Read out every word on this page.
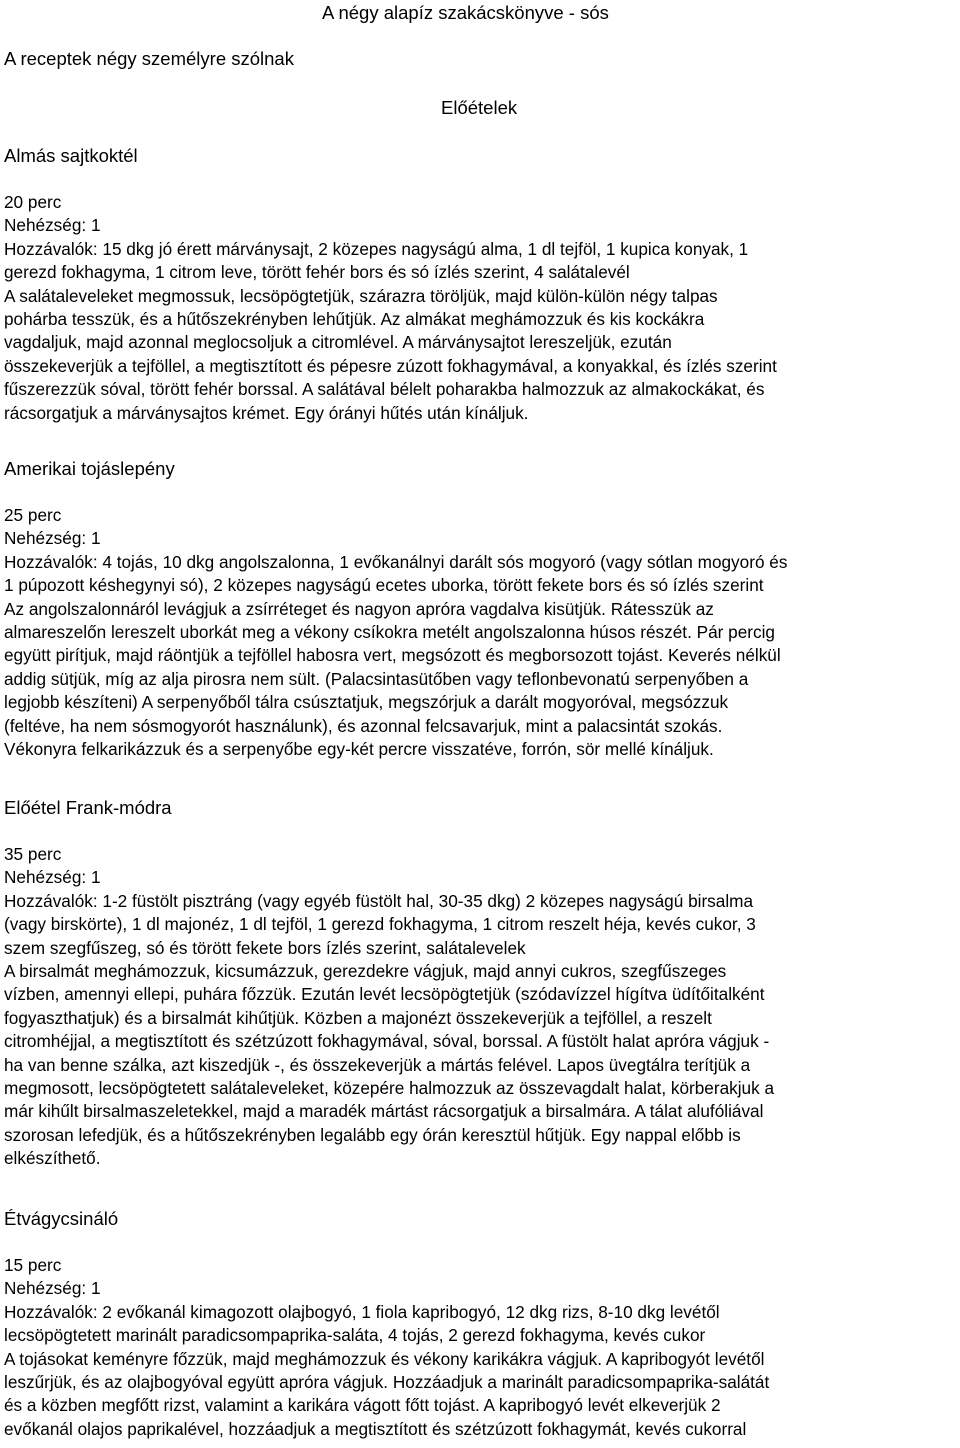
A négy alapíz szakácskönyve - sós
A receptek négy személyre szólnak
Előételek
Almás sajtkoktél
20 perc
Nehézség: 1
Hozzávalók: 15 dkg jó érett márványsajt, 2 közepes nagyságú alma, 1 dl tejföl, 1 kupica konyak, 1
gerezd fokhagyma, 1 citrom leve, törött fehér bors és só ízlés szerint, 4 salátalevél
A salátaleveleket megmossuk, lecsöpögtetjük, szárazra töröljük, majd külön-külön négy talpas
pohárba tesszük, és a hűtőszekrényben lehűtjük. Az almákat meghámozzuk és kis kockákra
vagdaljuk, majd azonnal meglocsoljuk a citromlével. A márványsajtot lereszeljük, ezután
összekeverjük a tejföllel, a megtisztított és pépesre zúzott fokhagymával, a konyakkal, és ízlés szerint
fűszerezzük sóval, törött fehér borssal. A salátával bélelt poharakba halmozzuk az almakockákat, és
rácsorgatjuk a márványsajtos krémet. Egy órányi hűtés után kínáljuk.
Amerikai tojáslepény
25 perc
Nehézség: 1
Hozzávalók: 4 tojás, 10 dkg angolszalonna, 1 evőkanálnyi darált sós mogyoró (vagy sótlan mogyoró és
1 púpozott késhegynyi só), 2 közepes nagyságú ecetes uborka, törött fekete bors és só ízlés szerint
Az angolszalonnáról levágjuk a zsírréteget és nagyon apróra vagdalva kisütjük. Rátesszük az
almareszelőn lereszelt uborkát meg a vékony csíkokra metélt angolszalonna húsos részét. Pár percig
együtt pirítjuk, majd ráöntjük a tejföllel habosra vert, megsózott és megborsozott tojást. Keverés nélkül
addig sütjük, míg az alja pirosra nem sült. (Palacsintasütőben vagy teflonbevonatú serpenyőben a
legjobb készíteni) A serpenyőből tálra csúsztatjuk, megszórjuk a darált mogyoróval, megsózzuk
(feltéve, ha nem sósmogyorót használunk), és azonnal felcsavarjuk, mint a palacsintát szokás.
Vékonyra felkarikázzuk és a serpenyőbe egy-két percre visszatéve, forrón, sör mellé kínáljuk.
Előétel Frank-módra
35 perc
Nehézség: 1
Hozzávalók: 1-2 füstölt pisztráng (vagy egyéb füstölt hal, 30-35 dkg) 2 közepes nagyságú birsalma
(vagy birskörte), 1 dl majonéz, 1 dl tejföl, 1 gerezd fokhagyma, 1 citrom reszelt héja, kevés cukor, 3
szem szegfűszeg, só és törött fekete bors ízlés szerint, salátalevelek
A birsalmát meghámozzuk, kicsumázzuk, gerezdekre vágjuk, majd annyi cukros, szegfűszeges
vízben, amennyi ellepi, puhára főzzük. Ezután levét lecsöpögtetjük (szódavízzel hígítva üdítőitalként
fogyaszthatjuk) és a birsalmát kihűtjük. Közben a majonézt összekeverjük a tejföllel, a reszelt
citromhéjjal, a megtisztított és szétzúzott fokhagymával, sóval, borssal. A füstölt halat apróra vágjuk -
ha van benne szálka, azt kiszedjük -, és összekeverjük a mártás felével. Lapos üvegtálra terítjük a
megmosott, lecsöpögtetett salátaleveleket, közepére halmozzuk az összevagdalt halat, körberakjuk a
már kihűlt birsalmaszeletekkel, majd a maradék mártást rácsorgatjuk a birsalmára. A tálat alufóliával
szorosan lefedjük, és a hűtőszekrényben legalább egy órán keresztül hűtjük. Egy nappal előbb is
elkészíthető.
Étvágycsináló
15 perc
Nehézség: 1
Hozzávalók: 2 evőkanál kimagozott olajbogyó, 1 fiola kapribogyó, 12 dkg rizs, 8-10 dkg levétől
lecsöpögtetett marinált paradicsompaprika-saláta, 4 tojás, 2 gerezd fokhagyma, kevés cukor
A tojásokat keményre főzzük, majd meghámozzuk és vékony karikákra vágjuk. A kapribogyót levétől
leszűrjük, és az olajbogyóval együtt apróra vágjuk. Hozzáadjuk a marinált paradicsompaprika-salátát
és a közben megfőtt rizst, valamint a karikára vágott főtt tojást. A kapribogyó levét elkeverjük 2
evőkanál olajos paprikalével, hozzáadjuk a megtisztított és szétzúzott fokhagymát, kevés cukorral
